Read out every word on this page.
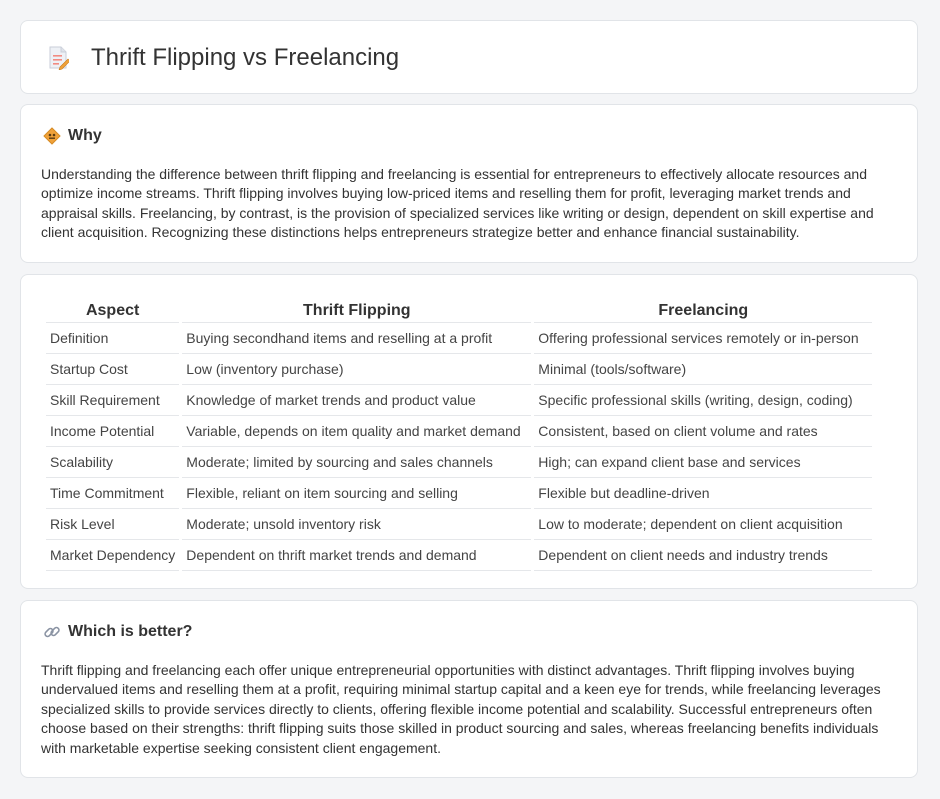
Thrift Flipping vs Freelancing
Why

Understanding the difference between thrift flipping and freelancing is essential for entrepreneurs to effectively allocate resources and optimize income streams. Thrift flipping involves buying low-priced items and reselling them for profit, leveraging market trends and appraisal skills. Freelancing, by contrast, is the provision of specialized services like writing or design, dependent on skill expertise and client acquisition. Recognizing these distinctions helps entrepreneurs strategize better and enhance financial sustainability.

Aspect	Thrift Flipping	Freelancing
Definition	Buying secondhand items and reselling at a profit	Offering professional services remotely or in-person
Startup Cost	Low (inventory purchase)	Minimal (tools/software)
Skill Requirement	Knowledge of market trends and product value	Specific professional skills (writing, design, coding)
Income Potential	Variable, depends on item quality and market demand	Consistent, based on client volume and rates
Scalability	Moderate; limited by sourcing and sales channels	High; can expand client base and services
Time Commitment	Flexible, reliant on item sourcing and selling	Flexible but deadline-driven
Risk Level	Moderate; unsold inventory risk	Low to moderate; dependent on client acquisition
Market Dependency	Dependent on thrift market trends and demand	Dependent on client needs and industry trends
Which is better?

Thrift flipping and freelancing each offer unique entrepreneurial opportunities with distinct advantages. Thrift flipping involves buying undervalued items and reselling them at a profit, requiring minimal startup capital and a keen eye for trends, while freelancing leverages specialized skills to provide services directly to clients, offering flexible income potential and scalability. Successful entrepreneurs often choose based on their strengths: thrift flipping suits those skilled in product sourcing and sales, whereas freelancing benefits individuals with marketable expertise seeking consistent client engagement.
